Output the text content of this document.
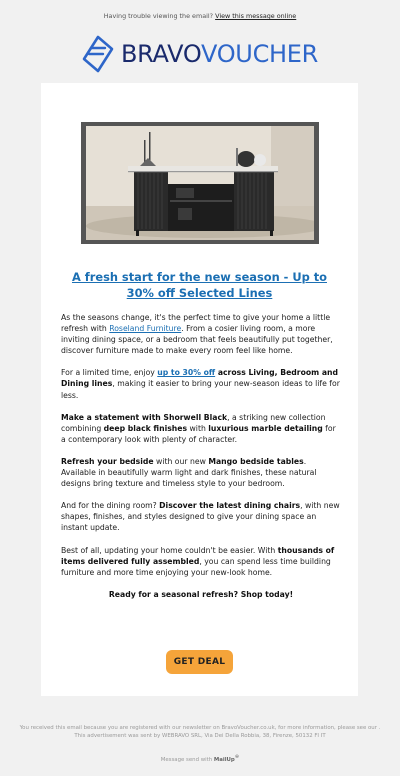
Having trouble viewing the email? View this message online
BRAVOVOUCHER
A fresh start for the new season - Up to 30% off Selected Lines

As the seasons change, it's the perfect time to give your home a little refresh with Roseland Furniture. From a cosier living room, a more inviting dining space, or a bedroom that feels beautifully put together, discover furniture made to make every room feel like home.

For a limited time, enjoy up to 30% off across Living, Bedroom and Dining lines, making it easier to bring your new-season ideas to life for less.

Make a statement with Shorwell Black, a striking new collection combining deep black finishes with luxurious marble detailing for a contemporary look with plenty of character.

Refresh your bedside with our new Mango bedside tables. Available in beautifully warm light and dark finishes, these natural designs bring texture and timeless style to your bedroom.

And for the dining room? Discover the latest dining chairs, with new shapes, finishes, and styles designed to give your dining space an instant update.

Best of all, updating your home couldn't be easier. With thousands of items delivered fully assembled, you can spend less time building furniture and more time enjoying your new-look home.

Ready for a seasonal refresh? Shop today!

GET DEAL
You received this email because you are registered with our newsletter on BravoVoucher.co.uk, for more information, please see our .
This advertisement was sent by WEBRAVO SRL, Via Dei Della Robbia, 38, Firenze, 50132 FI IT
Message send with MailUp®
